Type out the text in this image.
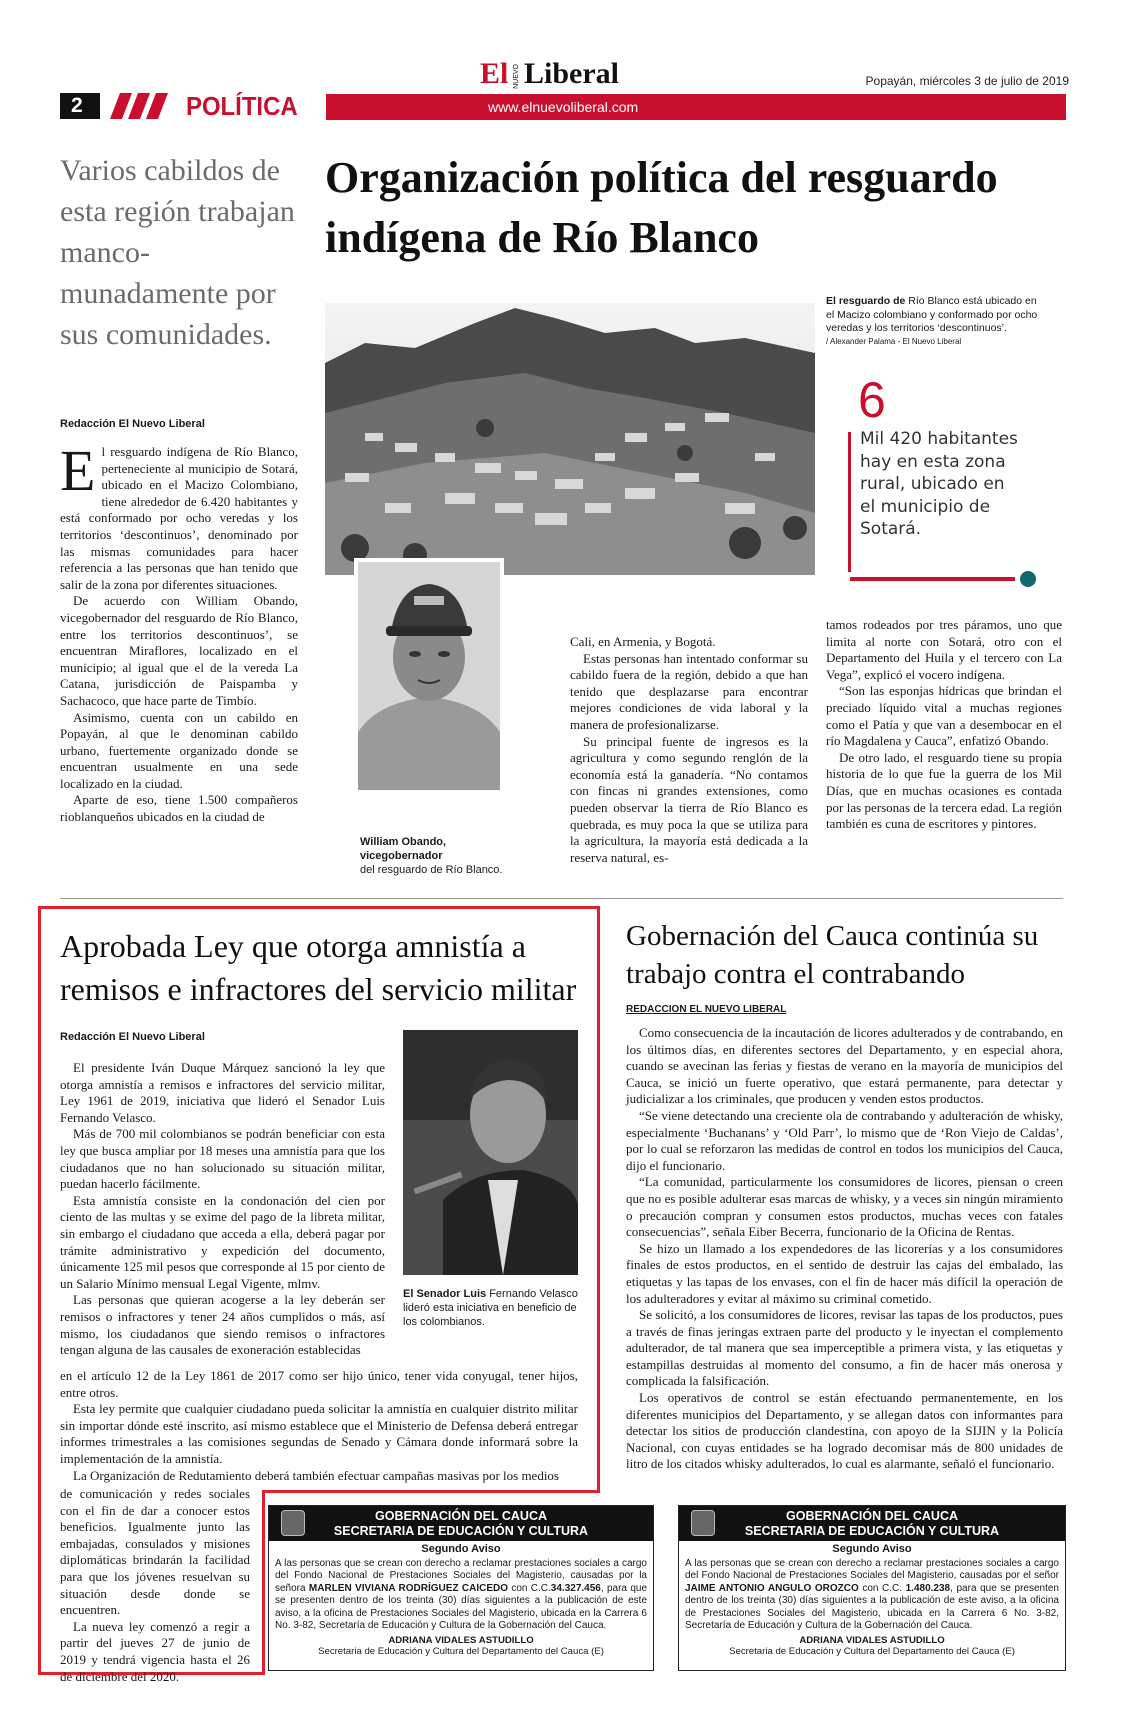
2	POLÍTICA	www.elnuevoliberal.com
El NUEVO Liberal	Popayán, miércoles 3 de julio de 2019
Varios cabildos de esta región trabajan manco-munadamente por sus comunidades.
Organización política del resguardo indígena de Río Blanco
Redacción El Nuevo Liberal
El resguardo de Río Blanco está ubicado en el Macizo colombiano y conformado por ocho veredas y los territorios ‘descontinuos’.
/ Alexander Palama - El Nuevo Liberal
6
Mil 420 habitantes hay en esta zona rural, ubicado en el municipio de Sotará.
William Obando, vicegobernador
del resguardo de Río Blanco.
E l resguardo indígena de Río Blanco, perteneciente al municipio de Sotará, ubicado en el Macizo Colombiano, tiene alrededor de 6.420 habitantes y está conformado por ocho veredas y los territorios ‘descontinuos’, denominado por las mismas comunidades para hacer referencia a las personas que han tenido que salir de la zona por diferentes situaciones.

De acuerdo con William Obando, vicegobernador del resguardo de Río Blanco, entre los territorios descontinuos’, se encuentran Miraflores, localizado en el municipio; al igual que el de la vereda La Catana, jurisdicción de Paispamba y Sachacoco, que hace parte de Timbío.

Asimismo, cuenta con un cabildo en Popayán, al que le denominan cabildo urbano, fuertemente organizado donde se encuentran usualmente en una sede localizado en la ciudad.

Aparte de eso, tiene 1.500 compañeros rioblanqueños ubicados en la ciudad de

Cali, en Armenia, y Bogotá.

Estas personas han intentado conformar su cabildo fuera de la región, debido a que han tenido que desplazarse para encontrar mejores condiciones de vida laboral y la manera de profesionalizarse.

Su principal fuente de ingresos es la agricultura y como segundo renglón de la economía está la ganadería. “No contamos con fincas ni grandes extensiones, como pueden observar la tierra de Río Blanco es quebrada, es muy poca la que se utiliza para la agricultura, la mayoría está dedicada a la reserva natural, es-

tamos rodeados por tres páramos, uno que limita al norte con Sotará, otro con el Departamento del Huila y el tercero con La Vega”, explicó el vocero indígena.

“Son las esponjas hídricas que brindan el preciado líquido vital a muchas regiones como el Patía y que van a desembocar en el río Magdalena y Cauca”, enfatizó Obando.

De otro lado, el resguardo tiene su propia historia de lo que fue la guerra de los Mil Días, que en muchas ocasiones es contada por las personas de la tercera edad. La región también es cuna de escritores y pintores.

Aprobada Ley que otorga amnistía a remisos e infractores del servicio militar
Redacción El Nuevo Liberal
El Senador Luis Fernando Velasco lideró esta iniciativa en beneficio de los colombianos.

El presidente Iván Duque Márquez sancionó la ley que otorga amnistía a remisos e infractores del servicio militar, Ley 1961 de 2019, iniciativa que lideró el Senador Luis Fernando Velasco.

Más de 700 mil colombianos se podrán beneficiar con esta ley que busca ampliar por 18 meses una amnistía para que los ciudadanos que no han solucionado su situación militar, puedan hacerlo fácilmente.

Esta amnistía consiste en la condonación del cien por ciento de las multas y se exime del pago de la libreta militar, sin embargo el ciudadano que acceda a ella, deberá pagar por trámite administrativo y expedición del documento, únicamente 125 mil pesos que corresponde al 15 por ciento de un Salario Mínimo mensual Legal Vigente, mlmv.

Las personas que quieran acogerse a la ley deberán ser remisos o infractores y tener 24 años cumplidos o más, así mismo, los ciudadanos que siendo remisos o infractores tengan alguna de las causales de exoneración establecidas

en el artículo 12 de la Ley 1861 de 2017 como ser hijo único, tener vida conyugal, tener hijos, entre otros.

Esta ley permite que cualquier ciudadano pueda solicitar la amnistía en cualquier distrito militar sin importar dónde esté inscrito, así mismo establece que el Ministerio de Defensa deberá entregar informes trimestrales a las comisiones segundas de Senado y Cámara donde informará sobre la implementación de la amnistía.

La Organización de Redutamiento deberá también efectuar campañas masivas por los medios

de comunicación y redes sociales con el fin de dar a conocer estos beneficios. Igualmente junto las embajadas, consulados y misiones diplomáticas brindarán la facilidad para que los jóvenes resuelvan su situación desde donde se encuentren.

La nueva ley comenzó a regir a partir del jueves 27 de junio de 2019 y tendrá vigencia hasta el 26 de diciembre del 2020.

Gobernación del Cauca continúa su trabajo contra el contrabando
REDACCION EL NUEVO LIBERAL

Como consecuencia de la incautación de licores adulterados y de contrabando, en los últimos días, en diferentes sectores del Departamento, y en especial ahora, cuando se avecinan las ferias y fiestas de verano en la mayoría de municipios del Cauca, se inició un fuerte operativo, que estará permanente, para detectar y judicializar a los criminales, que producen y venden estos productos.

“Se viene detectando una creciente ola de contrabando y adulteración de whisky, especialmente ‘Buchanans’ y ‘Old Parr’, lo mismo que de ‘Ron Viejo de Caldas’, por lo cual se reforzaron las medidas de control en todos los municipios del Cauca, dijo el funcionario.

“La comunidad, particularmente los consumidores de licores, piensan o creen que no es posible adulterar esas marcas de whisky, y a veces sin ningún miramiento o precaución compran y consumen estos productos, muchas veces con fatales consecuencias”, señala Eiber Becerra, funcionario de la Oficina de Rentas.

Se hizo un llamado a los expendedores de las licorerías y a los consumidores finales de estos productos, en el sentido de destruir las cajas del embalado, las etiquetas y las tapas de los envases, con el fin de hacer más difícil la operación de los adulteradores y evitar al máximo su criminal cometido.

Se solicitó, a los consumidores de licores, revisar las tapas de los productos, pues a través de finas jeringas extraen parte del producto y le inyectan el complemento adulterador, de tal manera que sea imperceptible a primera vista, y las etiquetas y estampillas destruidas al momento del consumo, a fin de hacer más onerosa y complicada la falsificación.

Los operativos de control se están efectuando permanentemente, en los diferentes municipios del Departamento, y se allegan datos con informantes para detectar los sitios de producción clandestina, con apoyo de la SIJIN y la Policía Nacional, con cuyas entidades se ha logrado decomisar más de 800 unidades de litro de los citados whisky adulterados, lo cual es alarmante, señaló el funcionario.

GOBERNACIÓN DEL CAUCA
SECRETARIA DE EDUCACIÓN Y CULTURA
Segundo Aviso
A las personas que se crean con derecho a reclamar prestaciones sociales a cargo del Fondo Nacional de Prestaciones Sociales del Magisterio, causadas por la señora MARLEN VIVIANA RODRÍGUEZ CAICEDO con C.C.34.327.456, para que se presenten dentro de los treinta (30) días siguientes a la publicación de este aviso, a la oficina de Prestaciones Sociales del Magisterio, ubicada en la Carrera 6 No. 3-82, Secretaría de Educación y Cultura de la Gobernación del Cauca.
ADRIANA VIDALES ASTUDILLO
Secretaria de Educación y Cultura del Departamento del Cauca (E)
GOBERNACIÓN DEL CAUCA
SECRETARIA DE EDUCACIÓN Y CULTURA
Segundo Aviso
A las personas que se crean con derecho a reclamar prestaciones sociales a cargo del Fondo Nacional de Prestaciones Sociales del Magisterio, causadas por el señor JAIME ANTONIO ANGULO OROZCO con C.C. 1.480.238, para que se presenten dentro de los treinta (30) días siguientes a la publicación de este aviso, a la oficina de Prestaciones Sociales del Magisterio, ubicada en la Carrera 6 No. 3-82, Secretaría de Educación y Cultura de la Gobernación del Cauca.
ADRIANA VIDALES ASTUDILLO
Secretaria de Educación y Cultura del Departamento del Cauca (E)
